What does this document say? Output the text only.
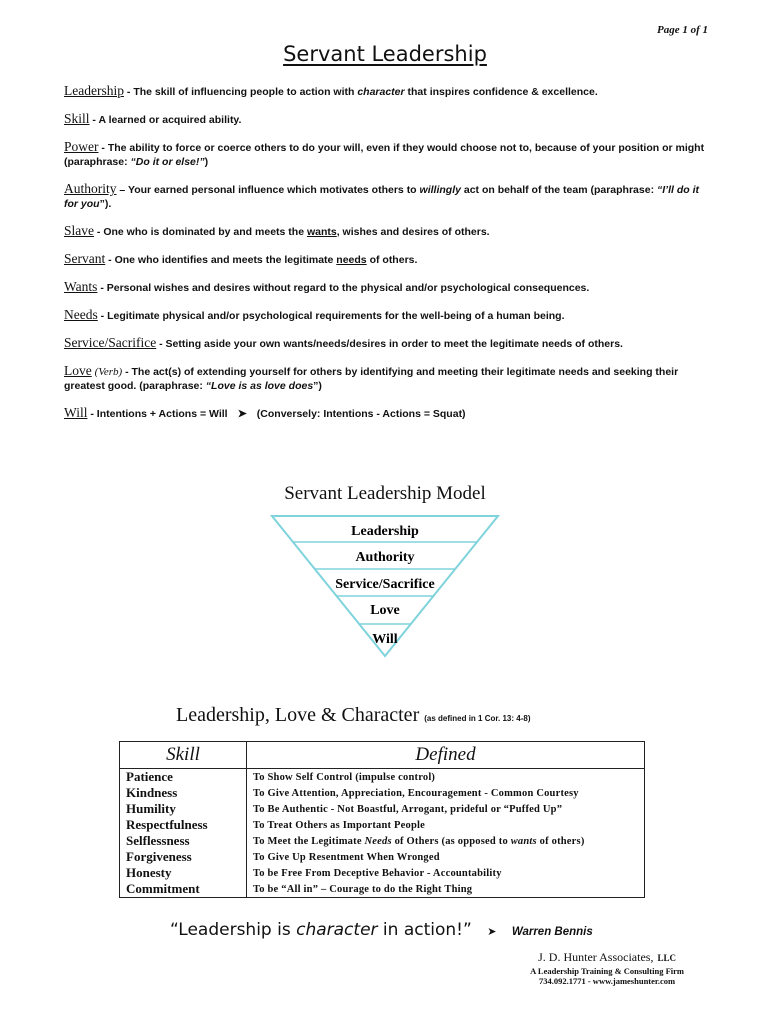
Page 1 of 1
Servant Leadership
Leadership - The skill of influencing people to action with character that inspires confidence & excellence.
Skill - A learned or acquired ability.
Power - The ability to force or coerce others to do your will, even if they would choose not to, because of your position or might (paraphrase: “Do it or else!”)
Authority – Your earned personal influence which motivates others to willingly act on behalf of the team (paraphrase: “I’ll do it for you”).
Slave - One who is dominated by and meets the wants, wishes and desires of others.
Servant - One who identifies and meets the legitimate needs of others.
Wants - Personal wishes and desires without regard to the physical and/or psychological consequences.
Needs - Legitimate physical and/or psychological requirements for the well-being of a human being.
Service/Sacrifice - Setting aside your own wants/needs/desires in order to meet the legitimate needs of others.
Love (Verb) - The act(s) of extending yourself for others by identifying and meeting their legitimate needs and seeking their greatest good. (paraphrase: “Love is as love does”)
Will - Intentions + Actions = Will ➤ (Conversely: Intentions - Actions = Squat)
Servant Leadership Model
Leadership
Authority
Service/Sacrifice
Love
Will
Leadership, Love & Character (as defined in 1 Cor. 13: 4-8)
Skill	Defined
Patience	To Show Self Control (impulse control)
Kindness	To Give Attention, Appreciation, Encouragement - Common Courtesy
Humility	To Be Authentic - Not Boastful, Arrogant, prideful or “Puffed Up”
Respectfulness	To Treat Others as Important People
Selflessness	To Meet the Legitimate Needs of Others (as opposed to wants of others)
Forgiveness	To Give Up Resentment When Wronged
Honesty	To be Free From Deceptive Behavior - Accountability
Commitment	To be “All in” – Courage to do the Right Thing
“Leadership is character in action!” ➤ Warren Bennis
J. D. Hunter Associates, LLC
A Leadership Training & Consulting Firm
734.092.1771 - www.jameshunter.com
